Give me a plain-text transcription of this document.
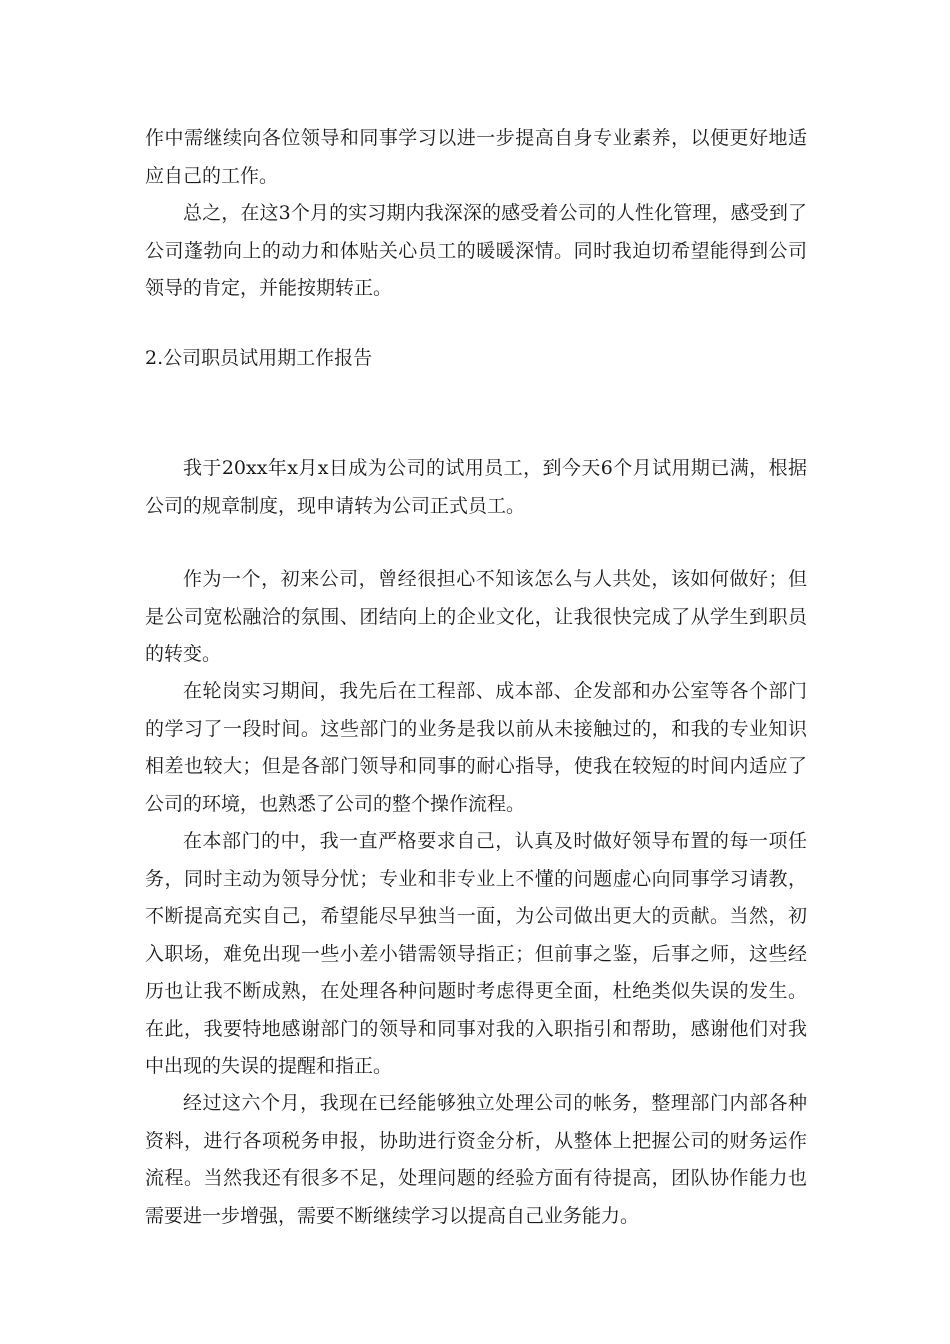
作中需继续向各位领导和同事学习以进一步提高自身专业素养，以便更好地适应自己的工作。

总之，在这3个月的实习期内我深深的感受着公司的人性化管理，感受到了公司蓬勃向上的动力和体贴关心员工的暖暖深情。同时我迫切希望能得到公司领导的肯定，并能按期转正。

2.公司职员试用期工作报告

我于20xx年x月x日成为公司的试用员工，到今天6个月试用期已满，根据公司的规章制度，现申请转为公司正式员工。

作为一个，初来公司，曾经很担心不知该怎么与人共处，该如何做好；但是公司宽松融洽的氛围、团结向上的企业文化，让我很快完成了从学生到职员的转变。

在轮岗实习期间，我先后在工程部、成本部、企发部和办公室等各个部门的学习了一段时间。这些部门的业务是我以前从未接触过的，和我的专业知识相差也较大；但是各部门领导和同事的耐心指导，使我在较短的时间内适应了公司的环境，也熟悉了公司的整个操作流程。

在本部门的中，我一直严格要求自己，认真及时做好领导布置的每一项任务，同时主动为领导分忧；专业和非专业上不懂的问题虚心向同事学习请教，不断提高充实自己，希望能尽早独当一面，为公司做出更大的贡献。当然，初入职场，难免出现一些小差小错需领导指正；但前事之鉴，后事之师，这些经历也让我不断成熟，在处理各种问题时考虑得更全面，杜绝类似失误的发生。在此，我要特地感谢部门的领导和同事对我的入职指引和帮助，感谢他们对我中出现的失误的提醒和指正。

经过这六个月，我现在已经能够独立处理公司的帐务，整理部门内部各种资料，进行各项税务申报，协助进行资金分析，从整体上把握公司的财务运作流程。当然我还有很多不足，处理问题的经验方面有待提高，团队协作能力也需要进一步增强，需要不断继续学习以提高自己业务能力。
